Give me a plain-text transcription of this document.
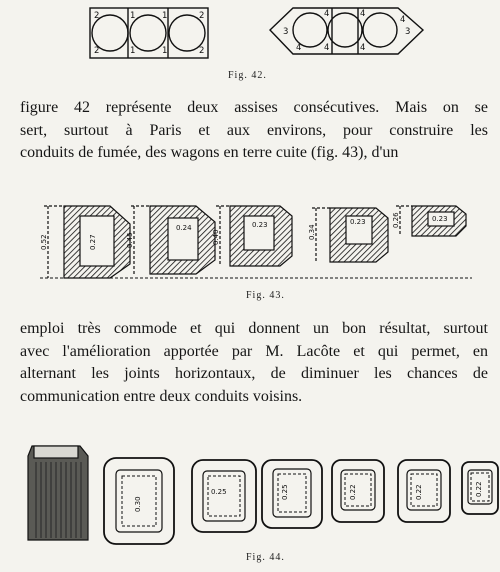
2	1	1	2
2	1	1	2
3
4	4
4
3
4	4
4
Fig. 42.
figure 42 représente deux assises consécutives. Mais on se
sert, surtout à Paris et aux environs, pour construire les
conduits de fumée, des wagons en terre cuite (fig. 43), d'un
0.52	0.45	0.40	0.34
0.26
0.27
0.24	0.23	0.23	0.23
Fig. 43.
emploi très commode et qui donnent un bon résultat, surtout
avec l'amélioration apportée par M. Lacôte et qui permet, en
alternant les joints horizontaux, de diminuer les chances de
communication entre deux conduits voisins.
0.30
0.25	0.25	0.22	0.22	0.22
Fig. 44.
